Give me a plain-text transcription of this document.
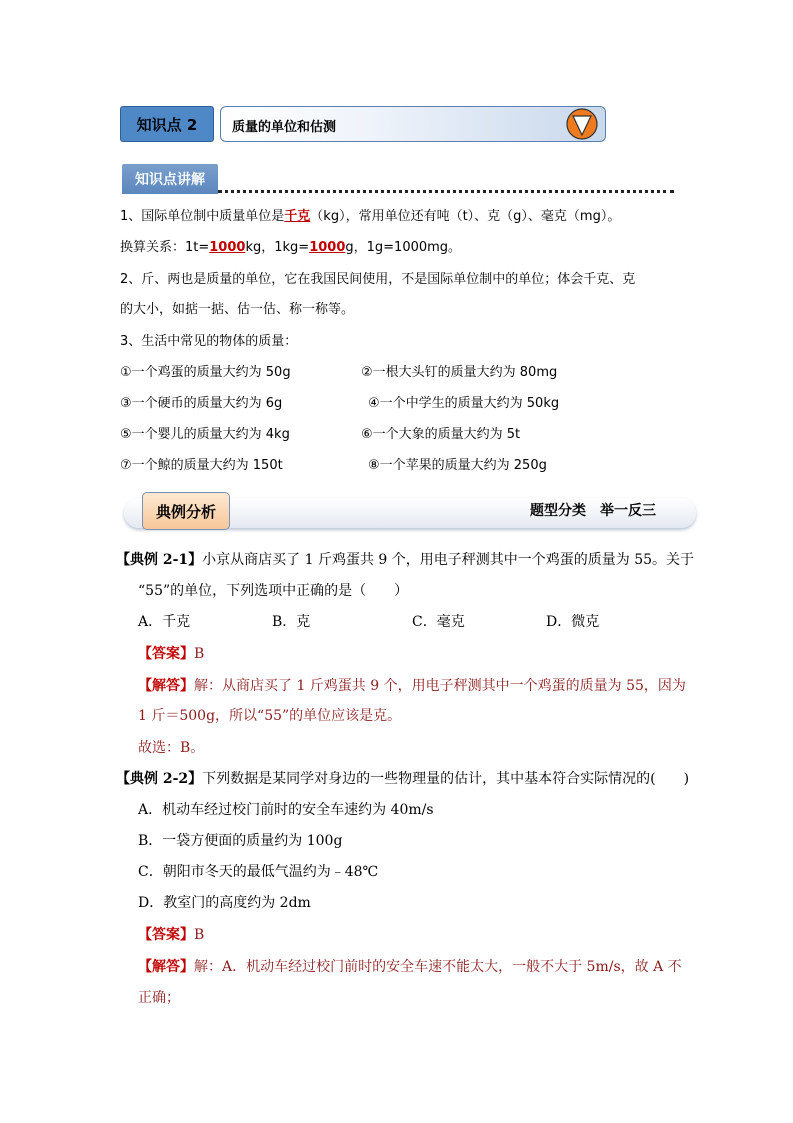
知识点 2	质量的单位和估测
知识点讲解
1、国际单位制中质量单位是千克（kg），常用单位还有吨（t）、克（g）、毫克（mg）。
换算关系：1t=1000kg，1kg=1000g，1g=1000mg。
2、斤、两也是质量的单位，它在我国民间使用，不是国际单位制中的单位；体会千克、克
的大小，如掂一掂、估一估、称一称等。
3、生活中常见的物体的质量：
①一个鸡蛋的质量大约为 50g	②一根大头钉的质量大约为 80mg
③一个硬币的质量大约为 6g	④一个中学生的质量大约为 50kg
⑤一个婴儿的质量大约为 4kg	⑥一个大象的质量大约为 5t
⑦一个鲸的质量大约为 150t	⑧一个苹果的质量大约为 250g
典例分析	题型分类　举一反三
【典例 2-1】小京从商店买了 1 斤鸡蛋共 9 个，用电子秤测其中一个鸡蛋的质量为 55。关于
“55”的单位，下列选项中正确的是（　　）
A．千克	B．克	C．毫克	D．微克
【答案】B
【解答】解：从商店买了 1 斤鸡蛋共 9 个，用电子秤测其中一个鸡蛋的质量为 55，因为
1 斤＝500g，所以“55”的单位应该是克。
故选：B。
【典例 2-2】下列数据是某同学对身边的一些物理量的估计，其中基本符合实际情况的(　　)
A．机动车经过校门前时的安全车速约为 40m/s
B．一袋方便面的质量约为 100g
C．朝阳市冬天的最低气温约为﹣48℃
D．教室门的高度约为 2dm
【答案】B
【解答】解：A．机动车经过校门前时的安全车速不能太大，一般不大于 5m/s，故 A 不
正确；
